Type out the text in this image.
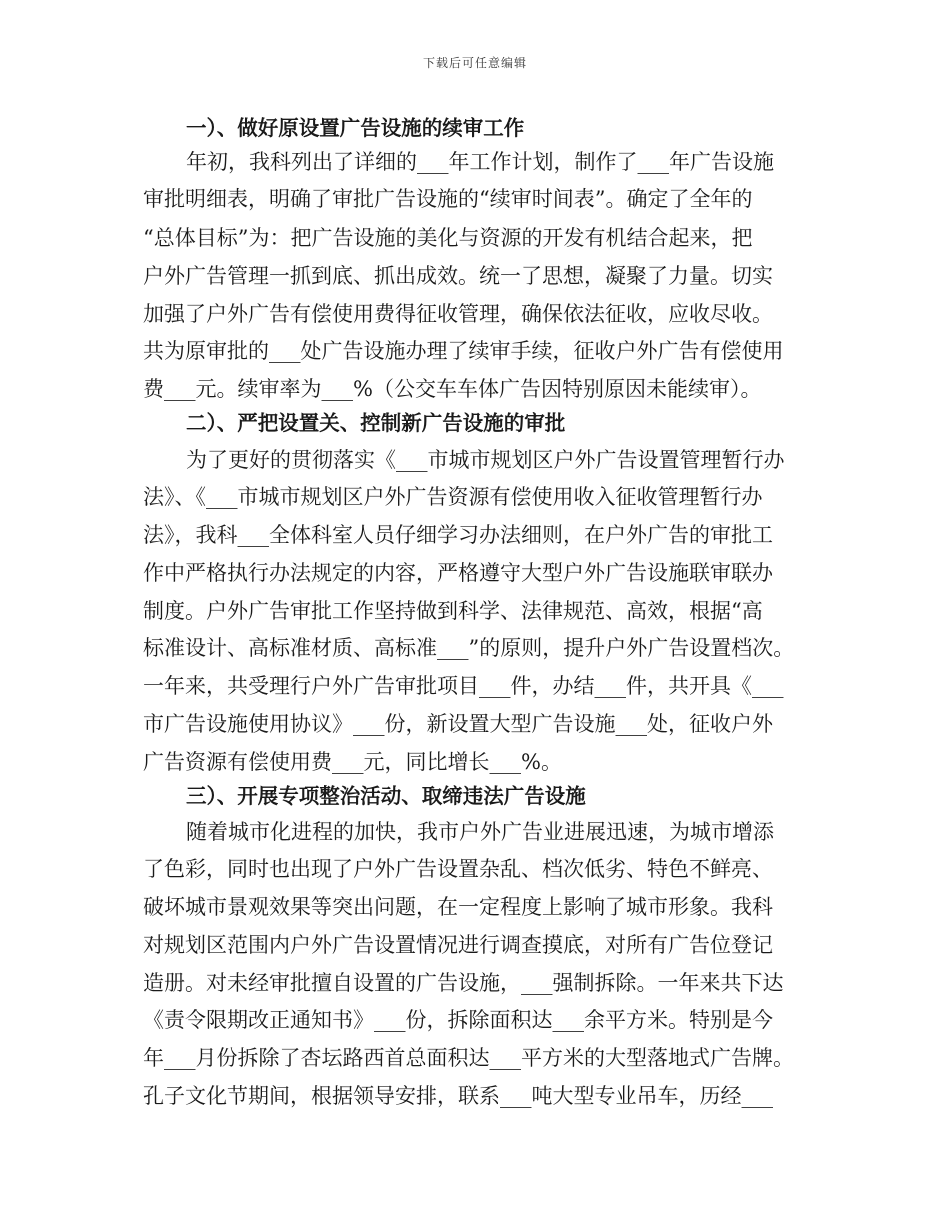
下载后可任意编辑
一）、做好原设置广告设施的续审工作
年初，我科列出了详细的___年工作计划，制作了___年广告设施
审批明细表，明确了审批广告设施的“续审时间表”。确定了全年的
“总体目标”为：把广告设施的美化与资源的开发有机结合起来，把
户外广告管理一抓到底、抓出成效。统一了思想，凝聚了力量。切实
加强了户外广告有偿使用费得征收管理，确保依法征收，应收尽收。
共为原审批的___处广告设施办理了续审手续，征收户外广告有偿使用
费___元。续审率为___%（公交车车体广告因特别原因未能续审）。
二）、严把设置关、控制新广告设施的审批
为了更好的贯彻落实《___市城市规划区户外广告设置管理暂行办
法》、《___市城市规划区户外广告资源有偿使用收入征收管理暂行办
法》，我科___全体科室人员仔细学习办法细则，在户外广告的审批工
作中严格执行办法规定的内容，严格遵守大型户外广告设施联审联办
制度。户外广告审批工作坚持做到科学、法律规范、高效，根据“高
标准设计、高标准材质、高标准___”的原则，提升户外广告设置档次。
一年来，共受理行户外广告审批项目___件，办结___件，共开具《___
市广告设施使用协议》___份，新设置大型广告设施___处，征收户外
广告资源有偿使用费___元，同比增长___%。
三）、开展专项整治活动、取缔违法广告设施
随着城市化进程的加快，我市户外广告业进展迅速，为城市增添
了色彩，同时也出现了户外广告设置杂乱、档次低劣、特色不鲜亮、
破坏城市景观效果等突出问题，在一定程度上影响了城市形象。我科
对规划区范围内户外广告设置情况进行调查摸底，对所有广告位登记
造册。对未经审批擅自设置的广告设施，___强制拆除。一年来共下达
《责令限期改正通知书》___份，拆除面积达___余平方米。特别是今
年___月份拆除了杏坛路西首总面积达___平方米的大型落地式广告牌。
孔子文化节期间，根据领导安排，联系___吨大型专业吊车，历经___
